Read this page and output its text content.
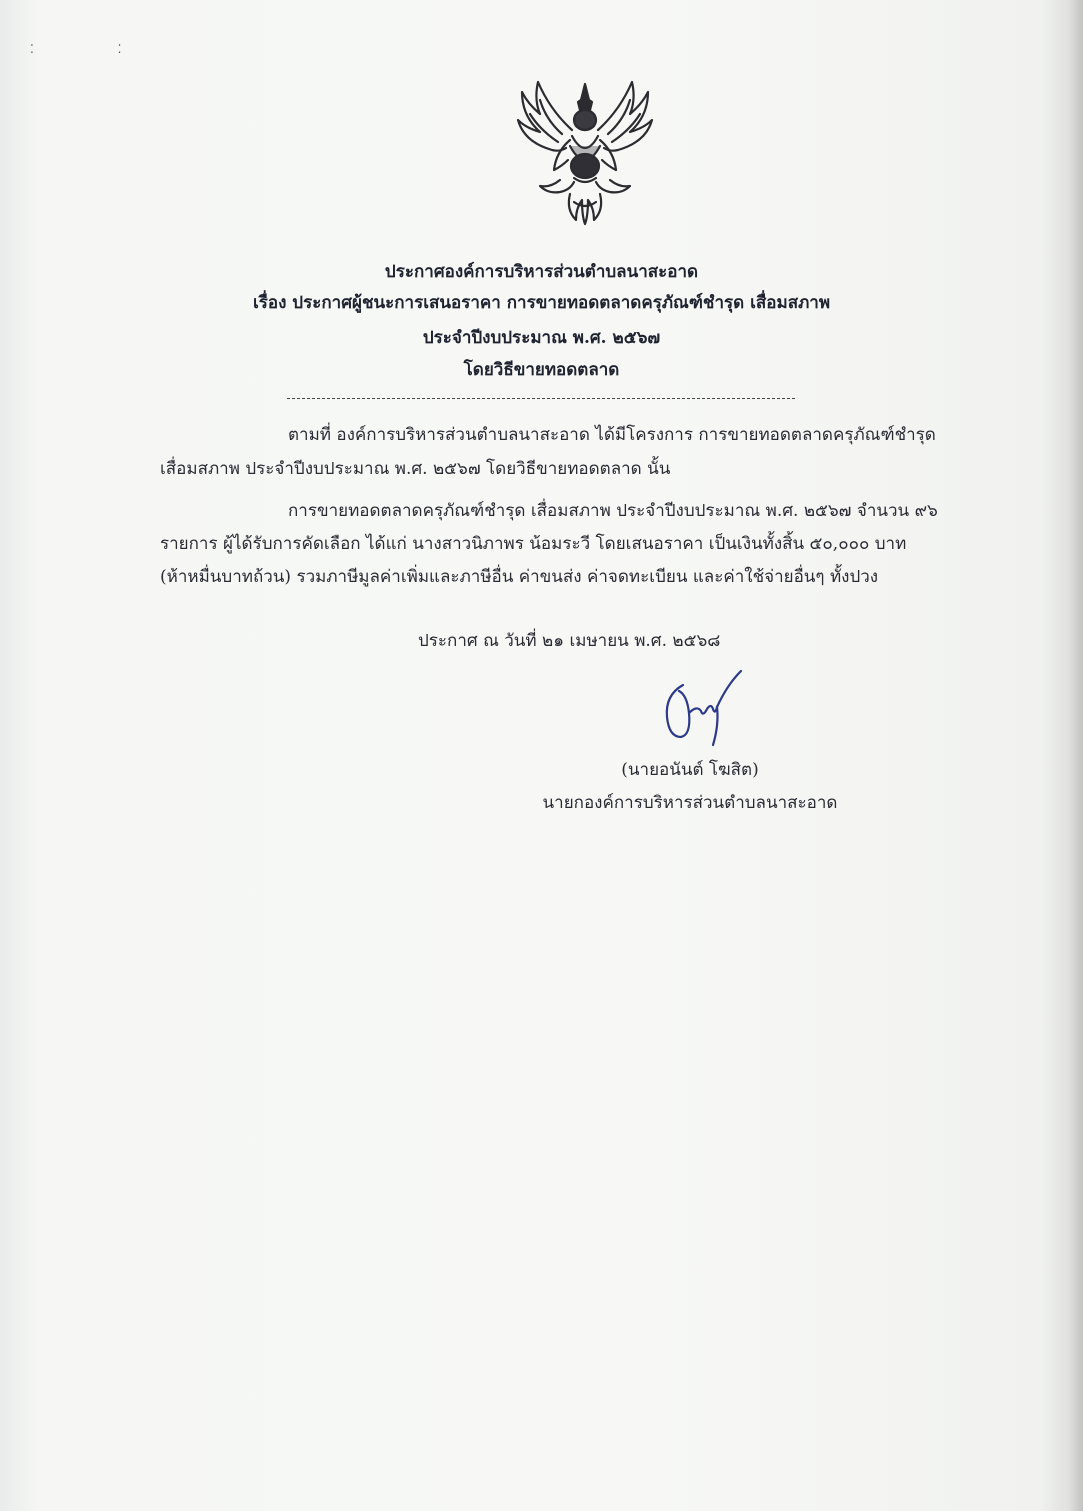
⁚ ⁚
ประกาศองค์การบริหารส่วนตำบลนาสะอาด
เรื่อง ประกาศผู้ชนะการเสนอราคา การขายทอดตลาดครุภัณฑ์ชำรุด เสื่อมสภาพ
ประจำปีงบประมาณ พ.ศ. ๒๕๖๗
โดยวิธีขายทอดตลาด
ตามที่ องค์การบริหารส่วนตำบลนาสะอาด ได้มีโครงการ การขายทอดตลาดครุภัณฑ์ชำรุด
เสื่อมสภาพ ประจำปีงบประมาณ พ.ศ. ๒๕๖๗ โดยวิธีขายทอดตลาด นั้น
การขายทอดตลาดครุภัณฑ์ชำรุด เสื่อมสภาพ ประจำปีงบประมาณ พ.ศ. ๒๕๖๗ จำนวน ๙๖
รายการ ผู้ได้รับการคัดเลือก ได้แก่ นางสาวนิภาพร น้อมระวี โดยเสนอราคา เป็นเงินทั้งสิ้น ๕๐,๐๐๐ บาท
(ห้าหมื่นบาทถ้วน) รวมภาษีมูลค่าเพิ่มและภาษีอื่น ค่าขนส่ง ค่าจดทะเบียน และค่าใช้จ่ายอื่นๆ ทั้งปวง
ประกาศ ณ วันที่ ๒๑ เมษายน พ.ศ. ๒๕๖๘
(นายอนันต์ โฆสิต)
นายกองค์การบริหารส่วนตำบลนาสะอาด
